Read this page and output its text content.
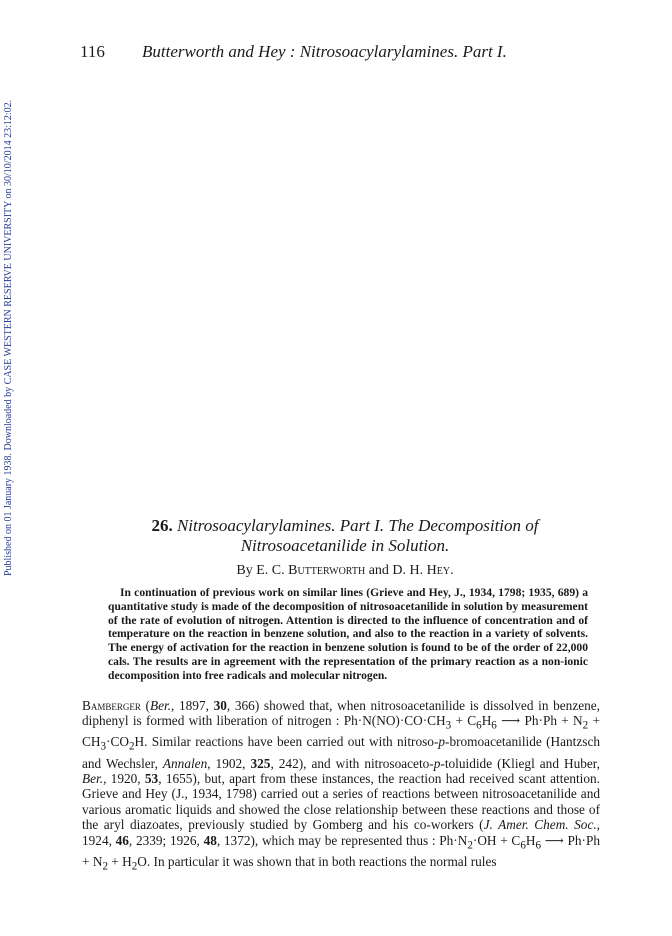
Published on 01 January 1938. Downloaded by CASE WESTERN RESERVE UNIVERSITY on 30/10/2014 23:12:02.
116 Butterworth and Hey : Nitrosoacylarylamines. Part I.
26. Nitrosoacylarylamines. Part I. The Decomposition of
Nitrosoacetanilide in Solution.
By E. C. Butterworth and D. H. Hey.

In continuation of previous work on similar lines (Grieve and Hey, J., 1934, 1798; 1935, 689) a quantitative study is made of the decomposition of nitrosoacetanilide in solution by measurement of the rate of evolution of nitrogen. Attention is directed to the influence of concentration and of temperature on the reaction in benzene solution, and also to the reaction in a variety of solvents. The energy of activation for the reaction in benzene solution is found to be of the order of 22,000 cals. The results are in agreement with the representation of the primary reaction as a non-ionic decomposition into free radicals and molecular nitrogen.

Bamberger (Ber., 1897, 30, 366) showed that, when nitrosoacetanilide is dissolved in benzene, diphenyl is formed with liberation of nitrogen : $Ph\cdot N(NO)\cdot CO\cdot CH_3 + C_6H_6$ ⟶ $Ph\cdot Ph + N_2 + CH_3\cdot CO_2H$. Similar reactions have been carried out with nitroso-p-bromoacetanilide (Hantzsch and Wechsler, Annalen, 1902, 325, 242), and with nitrosoaceto-p-toluidide (Kliegl and Huber, Ber., 1920, 53, 1655), but, apart from these instances, the reaction had received scant attention. Grieve and Hey (J., 1934, 1798) carried out a series of reactions between nitrosoacetanilide and various aromatic liquids and showed the close relationship between these reactions and those of the aryl diazoates, previously studied by Gomberg and his co-workers (J. Amer. Chem. Soc., 1924, 46, 2339; 1926, 48, 1372), which may be represented thus : $Ph\cdot N_2\cdot OH + C_6H_6$ ⟶ $Ph\cdot Ph + N_2 + H_2O$. In particular it was shown that in both reactions the normal rules
